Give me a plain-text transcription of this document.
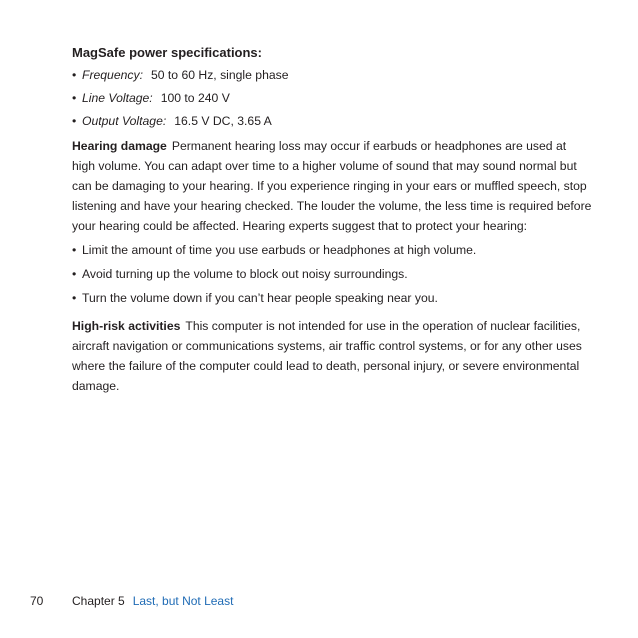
MagSafe power specifications:
• Frequency: 50 to 60 Hz, single phase
• Line Voltage: 100 to 240 V
• Output Voltage: 16.5 V DC, 3.65 A

Hearing damage Permanent hearing loss may occur if earbuds or headphones are used at high volume. You can adapt over time to a higher volume of sound that may sound normal but can be damaging to your hearing. If you experience ringing in your ears or muffled speech, stop listening and have your hearing checked. The louder the volume, the less time is required before your hearing could be affected. Hearing experts suggest that to protect your hearing:

• Limit the amount of time you use earbuds or headphones at high volume.
• Avoid turning up the volume to block out noisy surroundings.
• Turn the volume down if you can’t hear people speaking near you.

High-risk activities This computer is not intended for use in the operation of nuclear facilities, aircraft navigation or communications systems, air traffic control systems, or for any other uses where the failure of the computer could lead to death, personal injury, or severe environmental damage.

70	Chapter 5 Last, but Not Least
